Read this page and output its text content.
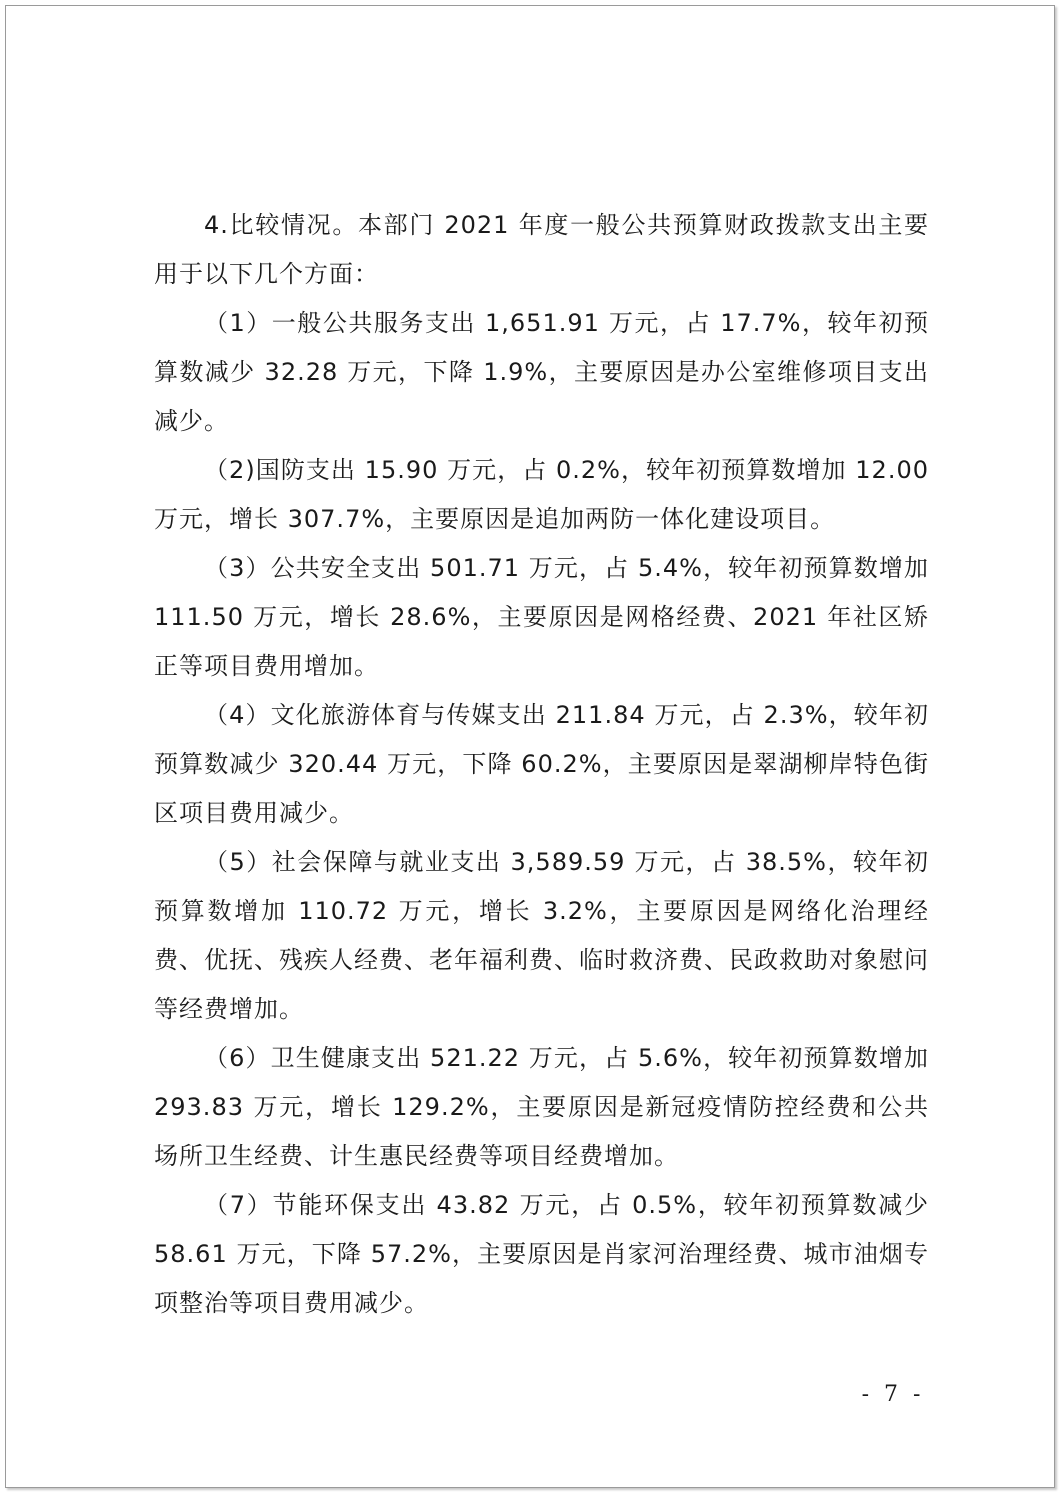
4.比较情况。本部门 2021 年度一般公共预算财政拨款支出主要用于以下几个方面：

（1）一般公共服务支出 1,651.91 万元，占 17.7%，较年初预算数减少 32.28 万元，下降 1.9%，主要原因是办公室维修项目支出减少。

（2)国防支出 15.90 万元，占 0.2%，较年初预算数增加 12.00 万元，增长 307.7%，主要原因是追加两防一体化建设项目。

（3）公共安全支出 501.71 万元，占 5.4%，较年初预算数增加 111.50 万元，增长 28.6%，主要原因是网格经费、2021 年社区矫正等项目费用增加。

（4）文化旅游体育与传媒支出 211.84 万元，占 2.3%，较年初预算数减少 320.44 万元，下降 60.2%，主要原因是翠湖柳岸特色街区项目费用减少。

（5）社会保障与就业支出 3,589.59 万元，占 38.5%，较年初预算数增加 110.72 万元，增长 3.2%，主要原因是网络化治理经费、优抚、残疾人经费、老年福利费、临时救济费、民政救助对象慰问等经费增加。

（6）卫生健康支出 521.22 万元，占 5.6%，较年初预算数增加 293.83 万元，增长 129.2%，主要原因是新冠疫情防控经费和公共场所卫生经费、计生惠民经费等项目经费增加。

（7）节能环保支出 43.82 万元，占 0.5%，较年初预算数减少 58.61 万元，下降 57.2%，主要原因是肖家河治理经费、城市油烟专项整治等项目费用减少。

- 7 -
